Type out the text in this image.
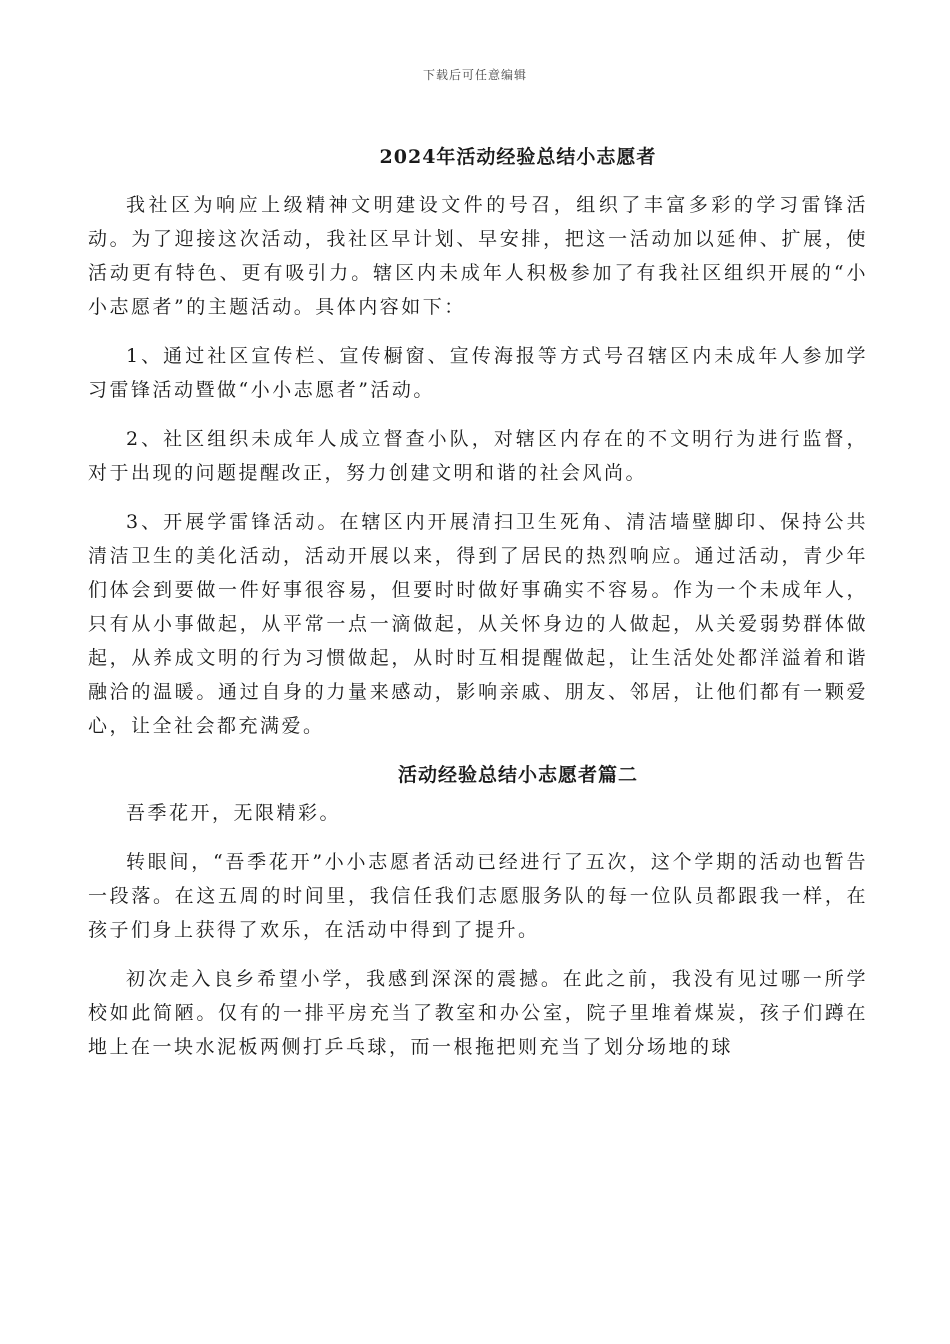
下载后可任意编辑
2024年活动经验总结小志愿者

我社区为响应上级精神文明建设文件的号召，组织了丰富多彩的学习雷锋活动。为了迎接这次活动，我社区早计划、早安排，把这一活动加以延伸、扩展，使活动更有特色、更有吸引力。辖区内未成年人积极参加了有我社区组织开展的“小小志愿者”的主题活动。具体内容如下：

1、通过社区宣传栏、宣传橱窗、宣传海报等方式号召辖区内未成年人参加学习雷锋活动暨做“小小志愿者”活动。

2、社区组织未成年人成立督查小队，对辖区内存在的不文明行为进行监督，对于出现的问题提醒改正，努力创建文明和谐的社会风尚。

3、开展学雷锋活动。在辖区内开展清扫卫生死角、清洁墙壁脚印、保持公共清洁卫生的美化活动，活动开展以来，得到了居民的热烈响应。通过活动，青少年们体会到要做一件好事很容易，但要时时做好事确实不容易。作为一个未成年人，只有从小事做起，从平常一点一滴做起，从关怀身边的人做起，从关爱弱势群体做起，从养成文明的行为习惯做起，从时时互相提醒做起，让生活处处都洋溢着和谐融洽的温暖。通过自身的力量来感动，影响亲戚、朋友、邻居，让他们都有一颗爱心，让全社会都充满爱。

活动经验总结小志愿者篇二

吾季花开，无限精彩。

转眼间，“吾季花开”小小志愿者活动已经进行了五次，这个学期的活动也暂告一段落。在这五周的时间里，我信任我们志愿服务队的每一位队员都跟我一样，在孩子们身上获得了欢乐，在活动中得到了提升。

初次走入良乡希望小学，我感到深深的震撼。在此之前，我没有见过哪一所学校如此简陋。仅有的一排平房充当了教室和办公室，院子里堆着煤炭，孩子们蹲在地上在一块水泥板两侧打乒乓球，而一根拖把则充当了划分场地的球
